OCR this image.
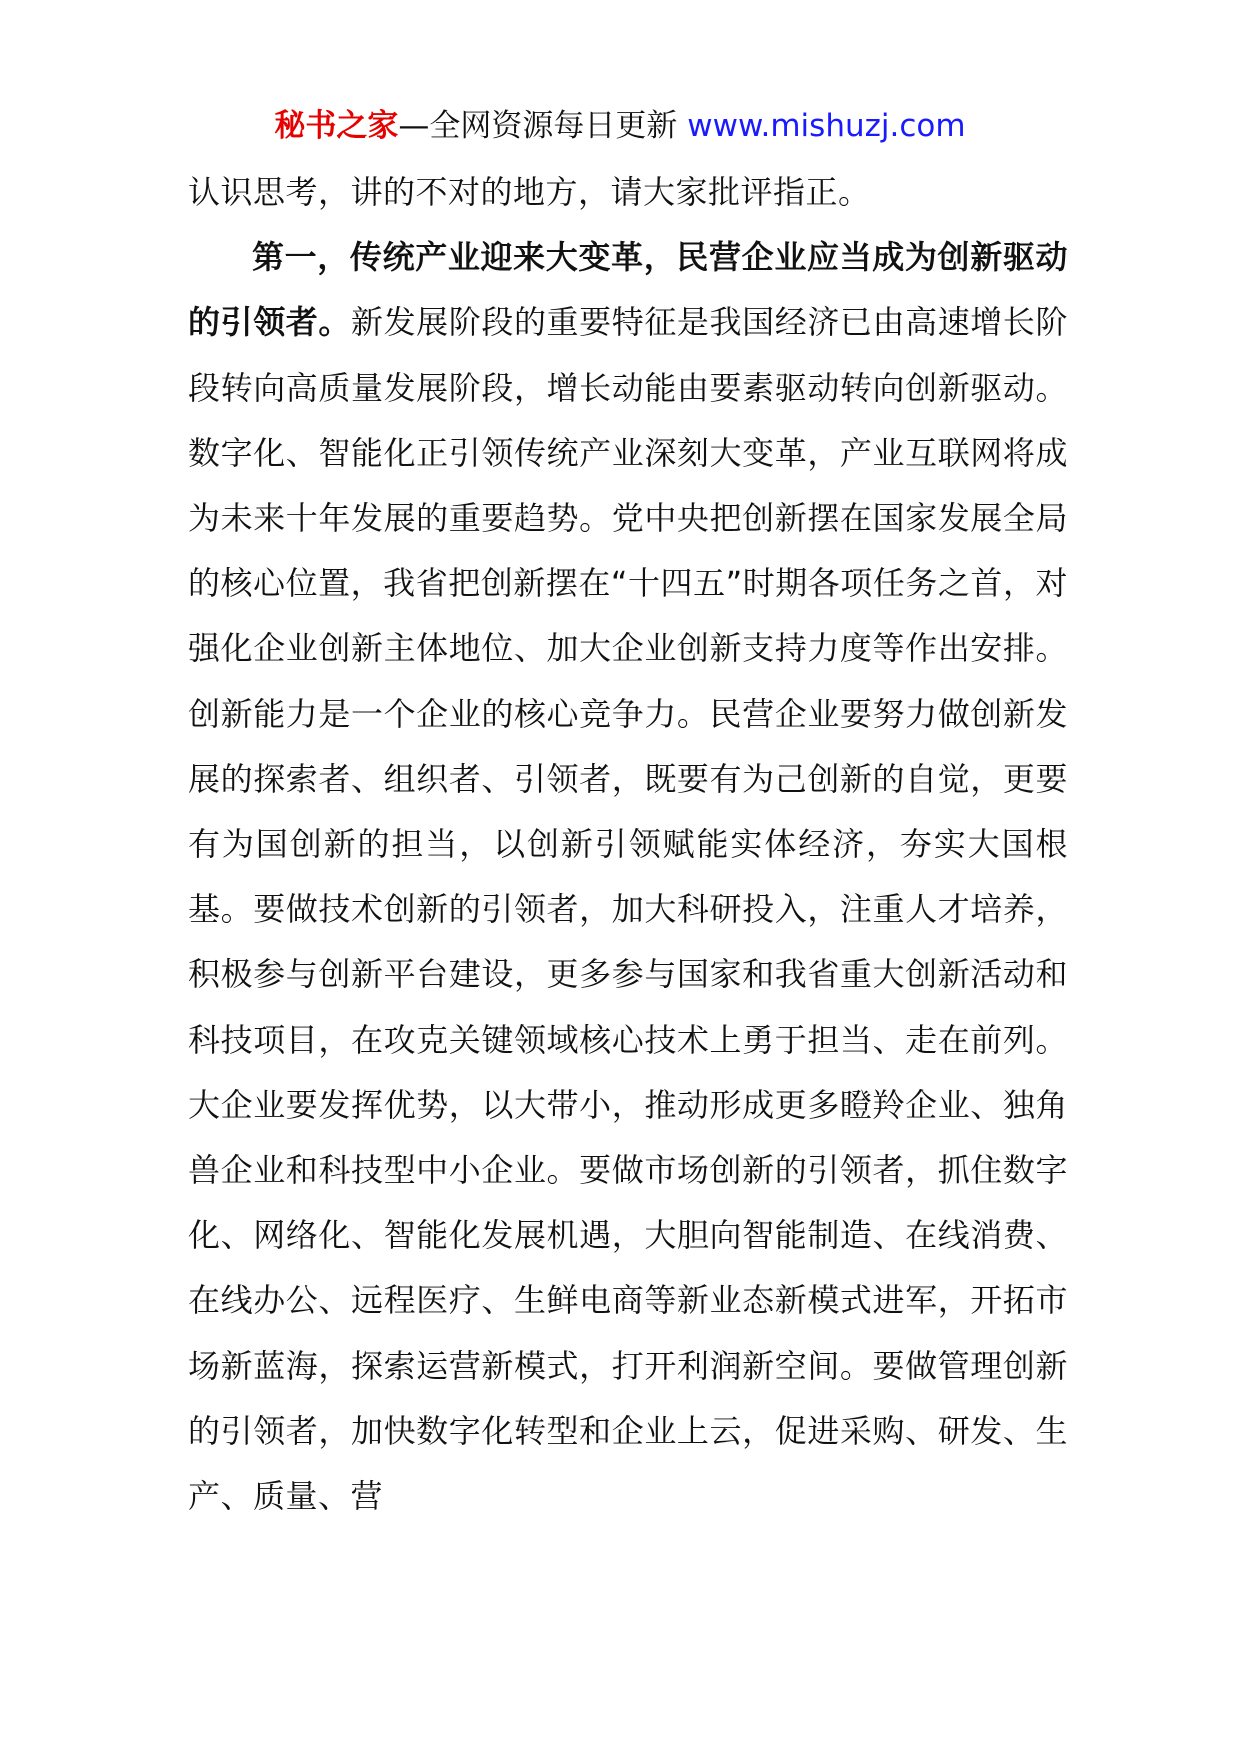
秘书之家—全网资源每日更新 www.mishuzj.com

认识思考，讲的不对的地方，请大家批评指正。

第一，传统产业迎来大变革，民营企业应当成为创新驱动的引领者。新发展阶段的重要特征是我国经济已由高速增长阶段转向高质量发展阶段，增长动能由要素驱动转向创新驱动。数字化、智能化正引领传统产业深刻大变革，产业互联网将成为未来十年发展的重要趋势。党中央把创新摆在国家发展全局的核心位置，我省把创新摆在“十四五”时期各项任务之首，对强化企业创新主体地位、加大企业创新支持力度等作出安排。创新能力是一个企业的核心竞争力。民营企业要努力做创新发展的探索者、组织者、引领者，既要有为己创新的自觉，更要有为国创新的担当，以创新引领赋能实体经济，夯实大国根基。要做技术创新的引领者，加大科研投入，注重人才培养，积极参与创新平台建设，更多参与国家和我省重大创新活动和科技项目，在攻克关键领域核心技术上勇于担当、走在前列。大企业要发挥优势，以大带小，推动形成更多瞪羚企业、独角兽企业和科技型中小企业。要做市场创新的引领者，抓住数字化、网络化、智能化发展机遇，大胆向智能制造、在线消费、在线办公、远程医疗、生鲜电商等新业态新模式进军，开拓市场新蓝海，探索运营新模式，打开利润新空间。要做管理创新的引领者，加快数字化转型和企业上云，促进采购、研发、生产、质量、营
